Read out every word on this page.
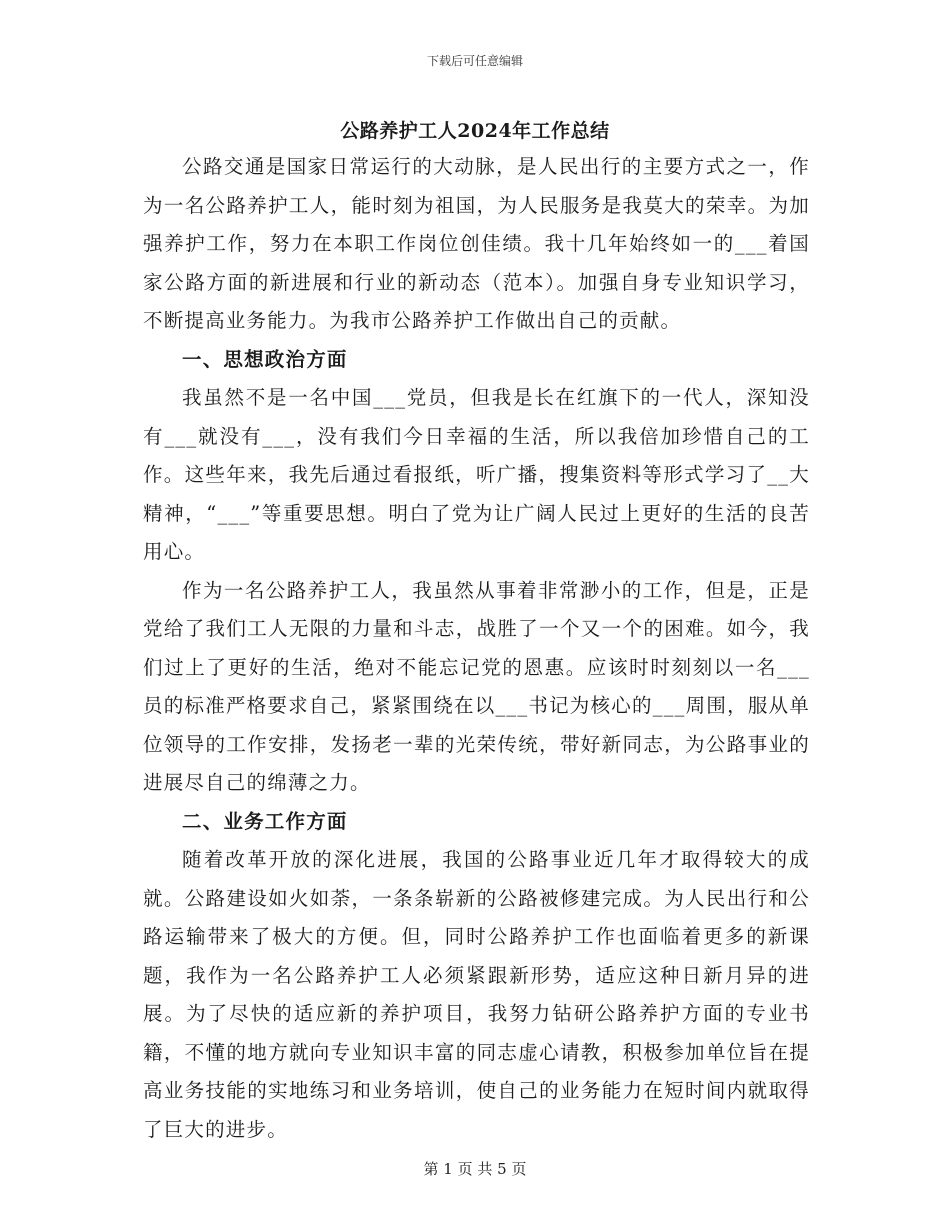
下载后可任意编辑
公路养护工人2024年工作总结

公路交通是国家日常运行的大动脉，是人民出行的主要方式之一，作为一名公路养护工人，能时刻为祖国，为人民服务是我莫大的荣幸。为加强养护工作，努力在本职工作岗位创佳绩。我十几年始终如一的___着国家公路方面的新进展和行业的新动态（范本）。加强自身专业知识学习，不断提高业务能力。为我市公路养护工作做出自己的贡献。

一、思想政治方面

我虽然不是一名中国___党员，但我是长在红旗下的一代人，深知没有___就没有___，没有我们今日幸福的生活，所以我倍加珍惜自己的工作。这些年来，我先后通过看报纸，听广播，搜集资料等形式学习了__大精神，“___”等重要思想。明白了党为让广阔人民过上更好的生活的良苦用心。

作为一名公路养护工人，我虽然从事着非常渺小的工作，但是，正是党给了我们工人无限的力量和斗志，战胜了一个又一个的困难。如今，我们过上了更好的生活，绝对不能忘记党的恩惠。应该时时刻刻以一名___员的标准严格要求自己，紧紧围绕在以___书记为核心的___周围，服从单位领导的工作安排，发扬老一辈的光荣传统，带好新同志，为公路事业的进展尽自己的绵薄之力。

二、业务工作方面

随着改革开放的深化进展，我国的公路事业近几年才取得较大的成就。公路建设如火如荼，一条条崭新的公路被修建完成。为人民出行和公路运输带来了极大的方便。但，同时公路养护工作也面临着更多的新课题，我作为一名公路养护工人必须紧跟新形势，适应这种日新月异的进展。为了尽快的适应新的养护项目，我努力钻研公路养护方面的专业书籍，不懂的地方就向专业知识丰富的同志虚心请教，积极参加单位旨在提高业务技能的实地练习和业务培训，使自己的业务能力在短时间内就取得了巨大的进步。

第 1 页 共 5 页
